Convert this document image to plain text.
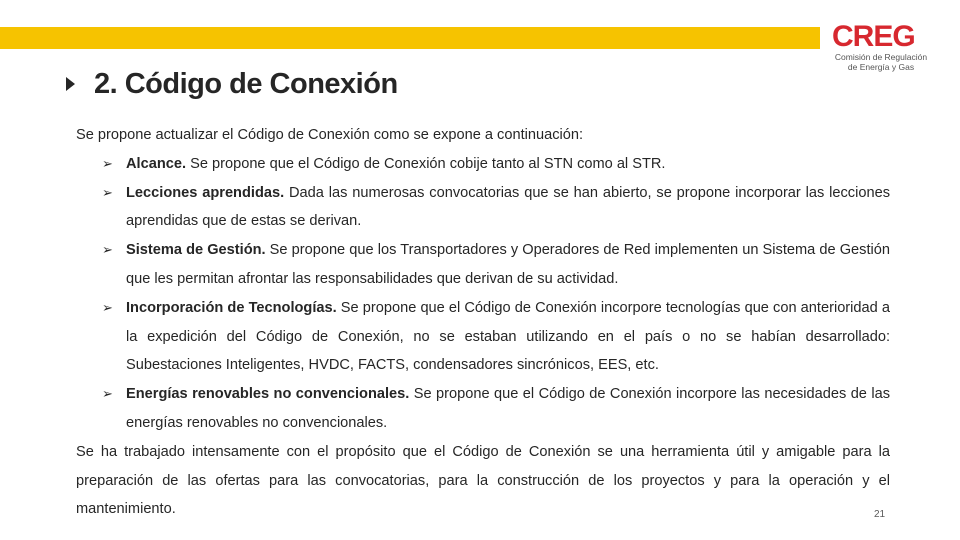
CREG
Comisión de Regulación
de Energía y Gas
2. Código de Conexión

Se propone actualizar el Código de Conexión como se expone a continuación:

➢ Alcance. Se propone que el Código de Conexión cobije tanto al STN como al STR.
➢ Lecciones aprendidas. Dada las numerosas convocatorias que se han abierto, se propone incorporar las lecciones aprendidas que de estas se derivan.
➢ Sistema de Gestión. Se propone que los Transportadores y Operadores de Red implementen un Sistema de Gestión que les permitan afrontar las responsabilidades que derivan de su actividad.
➢ Incorporación de Tecnologías. Se propone que el Código de Conexión incorpore tecnologías que con anterioridad a la expedición del Código de Conexión, no se estaban utilizando en el país o no se habían desarrollado: Subestaciones Inteligentes, HVDC, FACTS, condensadores sincrónicos, EES, etc.
➢ Energías renovables no convencionales. Se propone que el Código de Conexión incorpore las necesidades de las energías renovables no convencionales.

Se ha trabajado intensamente con el propósito que el Código de Conexión se una herramienta útil y amigable para la preparación de las ofertas para las convocatorias, para la construcción de los proyectos y para la operación y el mantenimiento.	21
